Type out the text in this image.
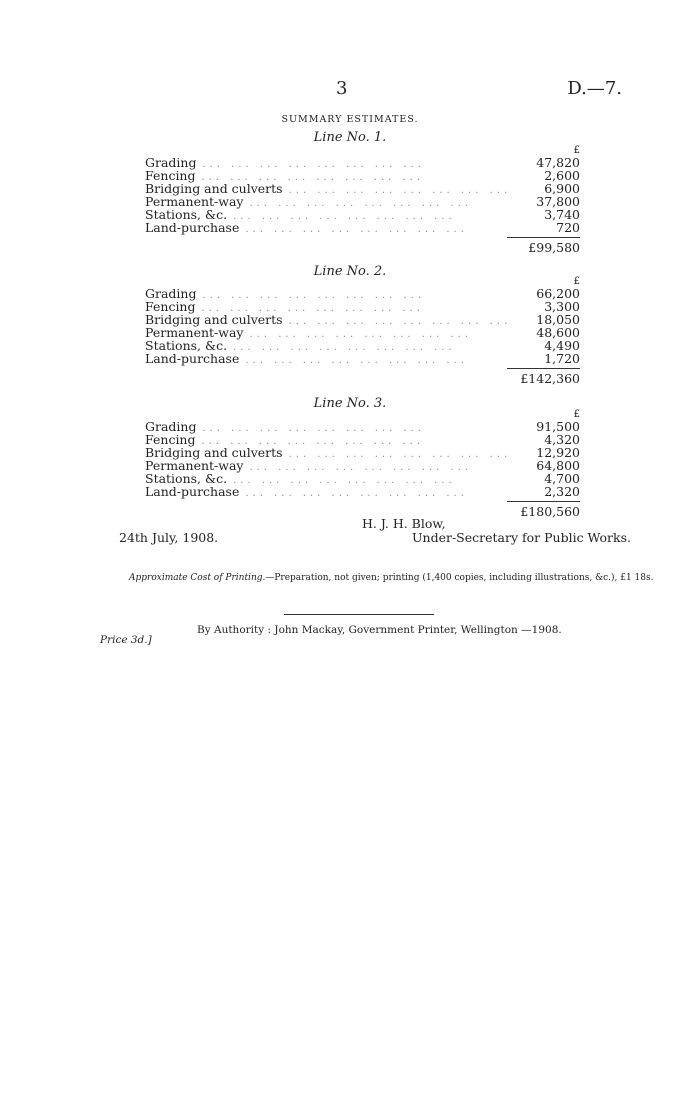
3	D.—7.
SUMMARY ESTIMATES.
Line No. 1.
£
Grading ... ... ... ... ... ... ... ...	47,820
Fencing ... ... ... ... ... ... ... ...	2,600
Bridging and culverts ... ... ... ... ... ... ... ...	6,900
Permanent-way ... ... ... ... ... ... ... ...	37,800
Stations, &c. ... ... ... ... ... ... ... ...	3,740
Land-purchase ... ... ... ... ... ... ... ...	720
£99,580
Line No. 2.
£
Grading ... ... ... ... ... ... ... ...	66,200
Fencing ... ... ... ... ... ... ... ...	3,300
Bridging and culverts ... ... ... ... ... ... ... ...	18,050
Permanent-way ... ... ... ... ... ... ... ...	48,600
Stations, &c. ... ... ... ... ... ... ... ...	4,490
Land-purchase ... ... ... ... ... ... ... ...	1,720
£142,360
Line No. 3.
£
Grading ... ... ... ... ... ... ... ...	91,500
Fencing ... ... ... ... ... ... ... ...	4,320
Bridging and culverts ... ... ... ... ... ... ... ...	12,920
Permanent-way ... ... ... ... ... ... ... ...	64,800
Stations, &c. ... ... ... ... ... ... ... ...	4,700
Land-purchase ... ... ... ... ... ... ... ...	2,320
£180,560
H. J. H. Blow,
24th July, 1908.	Under-Secretary for Public Works.
Approximate Cost of Printing.—Preparation, not given; printing (1,400 copies, including illustrations, &c.), £1 18s.
By Authority : John Mackay, Government Printer, Wellington —1908.
Price 3d.]
